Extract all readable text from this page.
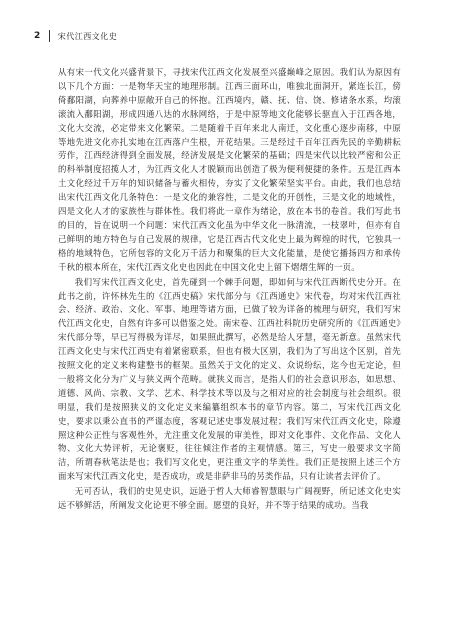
2	宋代江西文化史

从有宋一代文化兴盛背景下，寻找宋代江西文化发展至兴盛巅峰之原因。我们认为原因有以下几个方面：一是物华天宝的地理形制。江西三面环山，唯独北面洞开，紧连长江，傍倚鄱阳湖，向葬养中原敞开自己的怀抱。江西境内，赣、抚、信、饶、修诸条水系，均滚滚流入鄱阳湖，形成四通八达的水脉网络，于是中原等地文化能够长驱直入于江西各地，文化大交流，必定带来文化繁荣。二是随着千百年来北人南迁，文化重心逐步南移，中原等地先进文化亦扎实地在江西落户生根，开花结果。三是经过千百年江西先民的辛勤耕耘劳作，江西经济得到全面发展，经济发展是文化繁荣的基础；四是宋代以比较严密和公正的科举制度招揽人才，为江西文化人才脱颖而出创造了极为便利便捷的条件。五是江西本土文化经过千万年的知识储备与蓄火相传，夯实了文化繁荣坚实平台。由此，我们也总结出宋代江西文化几条特色：一是文化的兼容性，二是文化的开创性，三是文化的地域性，四是文化人才的家族性与群体性。我们将此一章作为绪论，放在本书的卷首。我们写此书的目的，旨在说明一个问题：宋代江西文化虽为中华文化一脉清流，一枝翠叶，但亦有自己鲜明的地方特色与自己发展的规律，它是江西古代文化史上最为辉煌的时代，它独具一格的地域特色，它所包容的文化万千活力和聚集的巨大文化能量，是使它播扬四方和承传千秋的根本所在，宋代江西文化史也因此在中国文化史上留下熠熠生辉的一页。

我们写宋代江西文化史，首先碰到一个棘手问题，即如何与宋代江西断代史分开。在此书之前，许怀林先生的《江西史稿》宋代部分与《江西通史》宋代卷，均对宋代江西社会、经济、政治、文化、军事、地理等诸方面，已做了较为详备的梳理与研究，我们写宋代江西文化史，自然有许多可以借鉴之处。南宋卷、江西社科院历史研究所的《江西通史》宋代部分等，早已写得极为详尽，如果照此撰写，必然是给人牙慧，毫无新意。虽然宋代江西文化史与宋代江西史有着紧密联系，但也有极大区别，我们为了写出这个区别，首先按照文化的定义来构建整书的框架。虽然关于文化的定义、众说纷纭，迄今也无定论，但一般将文化分为广义与狭义两个范畴。就狭义而言，是指人们的社会意识形态，如思想、道德、风尚、宗教、文学、艺术、科学技术等以及与之相对应的社会制度与社会组织。很明显，我们是按照狭义的文化定义来编纂组织本书的章节内容。第二，写宋代江西文化史，要求以秉公直书的严谨态度，客观记述史事发展过程；我们写宋代江西文化史，除遵照这种公正性与客观性外，尤注重文化发展的审美性，即对文化事件、文化作品、文化人物、文化大势评析，无论褒贬，往往倾注作者的主观情感。第三，写史一般要求文字简洁，所谓春秋笔法是也；我们写文化史，更注重文字的华美性。我们正是按照上述三个方面来写宋代江西文化史，是否成功，或是非萨非马的另类作品，只有让读者去评价了。

无可否认，我们的史见史识，远逊于哲人大师睿智慧眼与广阔视野，所记述文化史实远不够鲜活，所阐发文化论更不够全面。愿望的良好，并不等于结果的成功。当我
